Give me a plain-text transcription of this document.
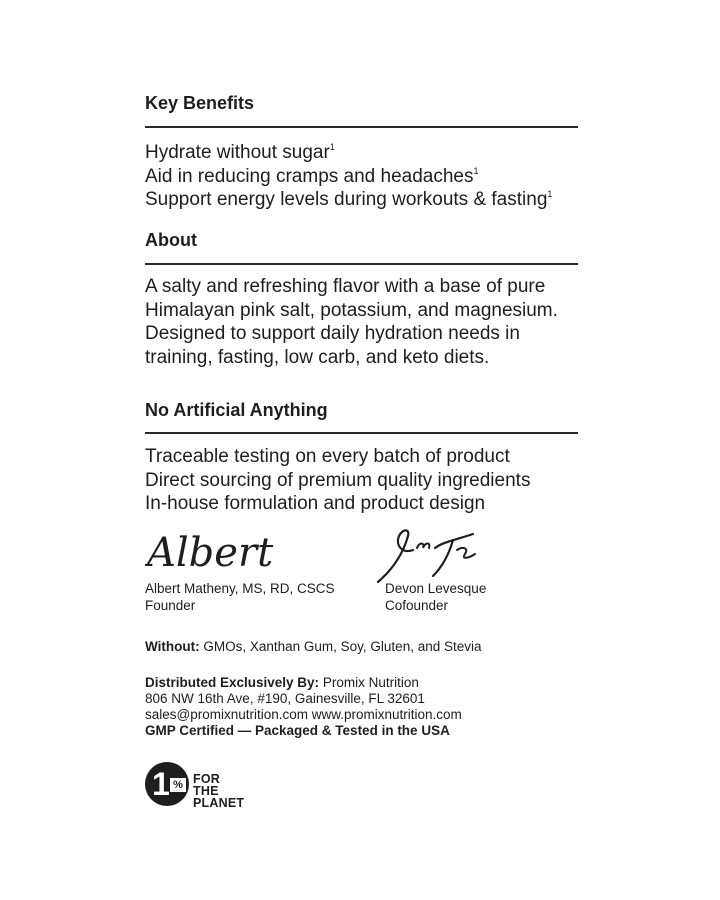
Key Benefits
Hydrate without sugar$^1$
Aid in reducing cramps and headaches$^1$
Support energy levels during workouts & fasting$^1$
About
A salty and refreshing flavor with a base of pure
Himalayan pink salt, potassium, and magnesium.
Designed to support daily hydration needs in
training, fasting, low carb, and keto diets.
No Artificial Anything
Traceable testing on every batch of product
Direct sourcing of premium quality ingredients
In-house formulation and product design
Albert
Albert Matheny, MS, RD, CSCS
Founder
Devon Levesque
Cofounder
Without: GMOs, Xanthan Gum, Soy, Gluten, and Stevia
Distributed Exclusively By: Promix Nutrition
806 NW 16th Ave, #190, Gainesville, FL 32601
sales@promixnutrition.com www.promixnutrition.com
GMP Certified — Packaged & Tested in the USA
1 % FOR THE
PLANET
